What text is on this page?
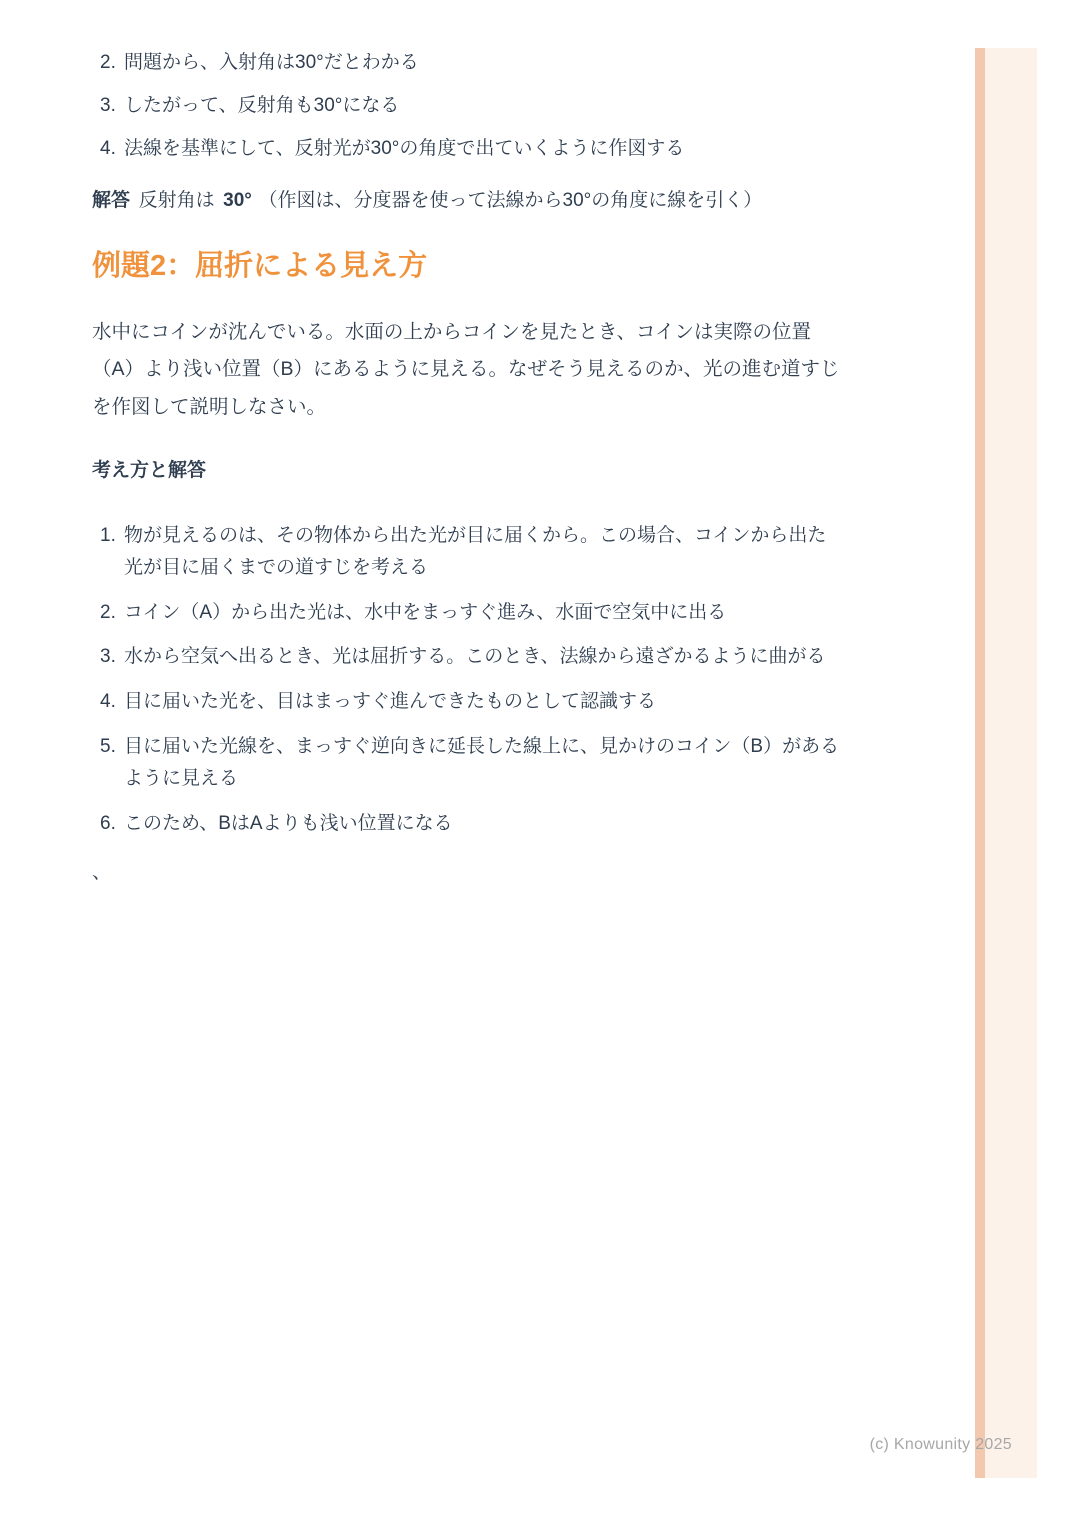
2. 問題から、入射角は30°だとわかる
3. したがって、反射角も30°になる
4. 法線を基準にして、反射光が30°の角度で出ていくように作図する

解答 反射角は 30° （作図は、分度器を使って法線から30°の角度に線を引く）

例題2：屈折による見え方

水中にコインが沈んでいる。水面の上からコインを見たとき、コインは実際の位置（A）より浅い位置（B）にあるように見える。なぜそう見えるのか、光の進む道すじを作図して説明しなさい。

考え方と解答
1. 物が見えるのは、その物体から出た光が目に届くから。この場合、コインから出た光が目に届くまでの道すじを考える
2. コイン（A）から出た光は、水中をまっすぐ進み、水面で空気中に出る
3. 水から空気へ出るとき、光は屈折する。このとき、法線から遠ざかるように曲がる
4. 目に届いた光を、目はまっすぐ進んできたものとして認識する
5. 目に届いた光線を、まっすぐ逆向きに延長した線上に、見かけのコイン（B）があるように見える
6. このため、BはAよりも浅い位置になる

、

(c) Knowunity 2025
